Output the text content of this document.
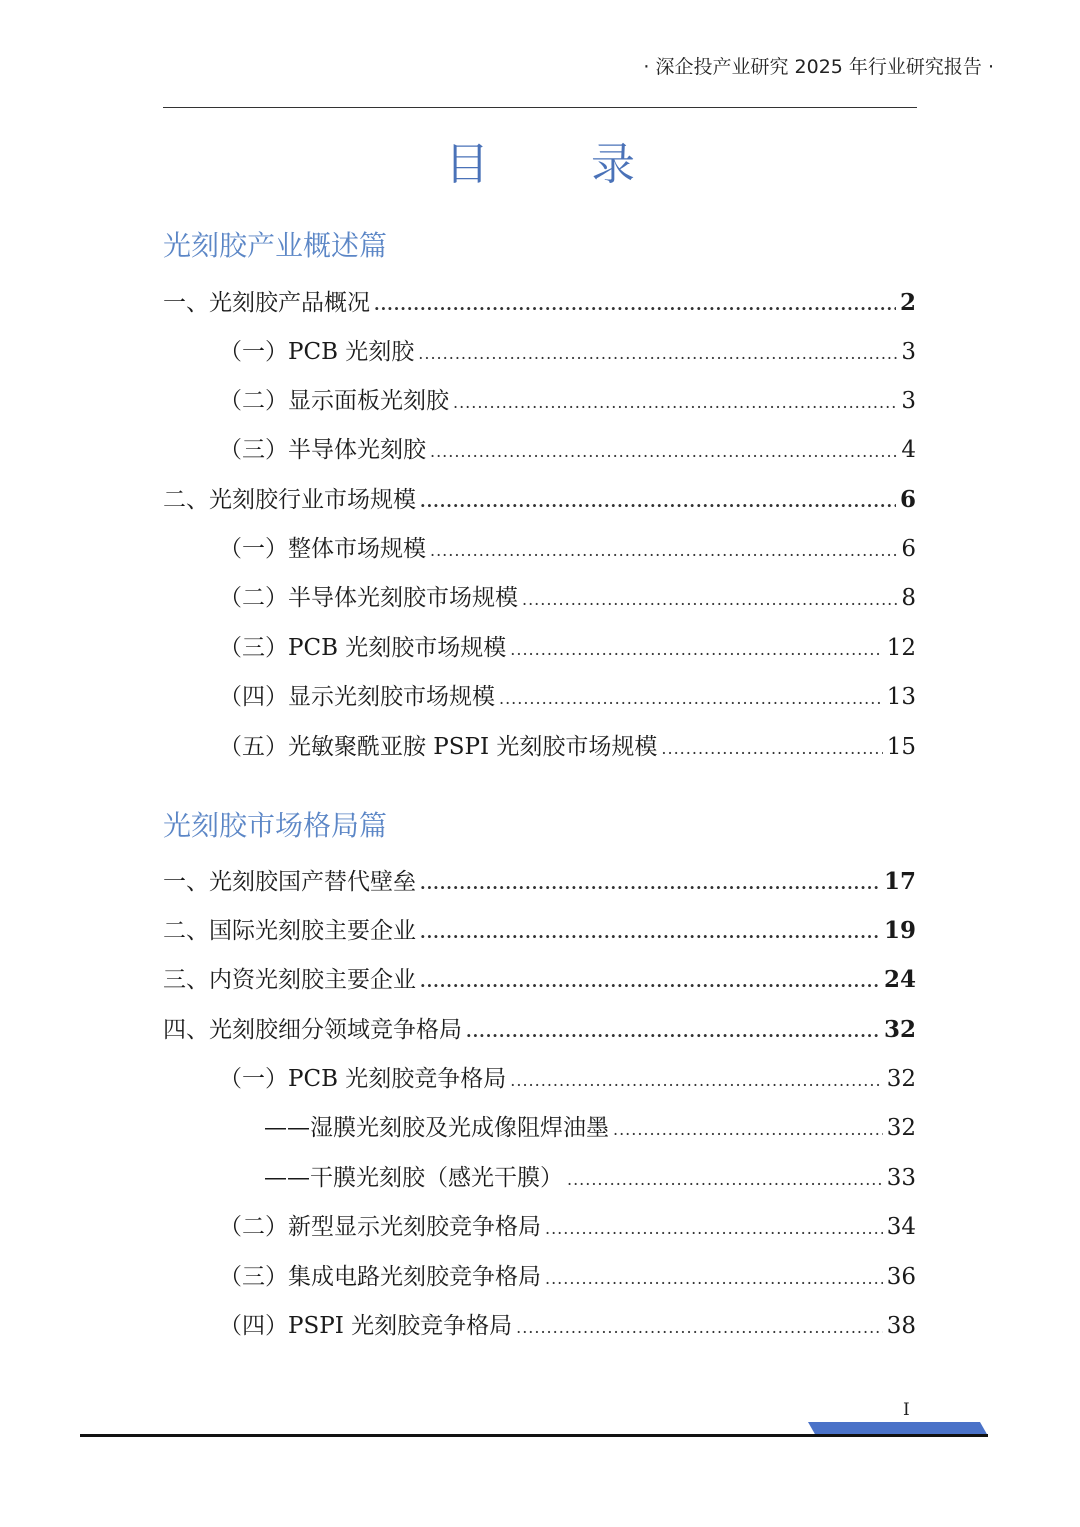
· 深企投产业研究 2025 年行业研究报告 ·
目 录
光刻胶产业概述篇
一、光刻胶产品概况 .....	2
（一）PCB 光刻胶 .....	3
（二）显示面板光刻胶 .....	3
（三）半导体光刻胶 .....	4
二、光刻胶行业市场规模 .....	6
（一）整体市场规模 .....	6
（二）半导体光刻胶市场规模 .....	8
（三）PCB 光刻胶市场规模 .....	12
（四）显示光刻胶市场规模 .....	13
（五）光敏聚酰亚胺 PSPI 光刻胶市场规模 .....	15
光刻胶市场格局篇
一、光刻胶国产替代壁垒 .....	17
二、国际光刻胶主要企业 .....	19
三、内资光刻胶主要企业 .....	24
四、光刻胶细分领域竞争格局 .....	32
（一）PCB 光刻胶竞争格局 .....	32
——湿膜光刻胶及光成像阻焊油墨 .....	32
——干膜光刻胶（感光干膜） .....	33
（二）新型显示光刻胶竞争格局 .....	34
（三）集成电路光刻胶竞争格局 .....	36
（四）PSPI 光刻胶竞争格局 .....	38
I
